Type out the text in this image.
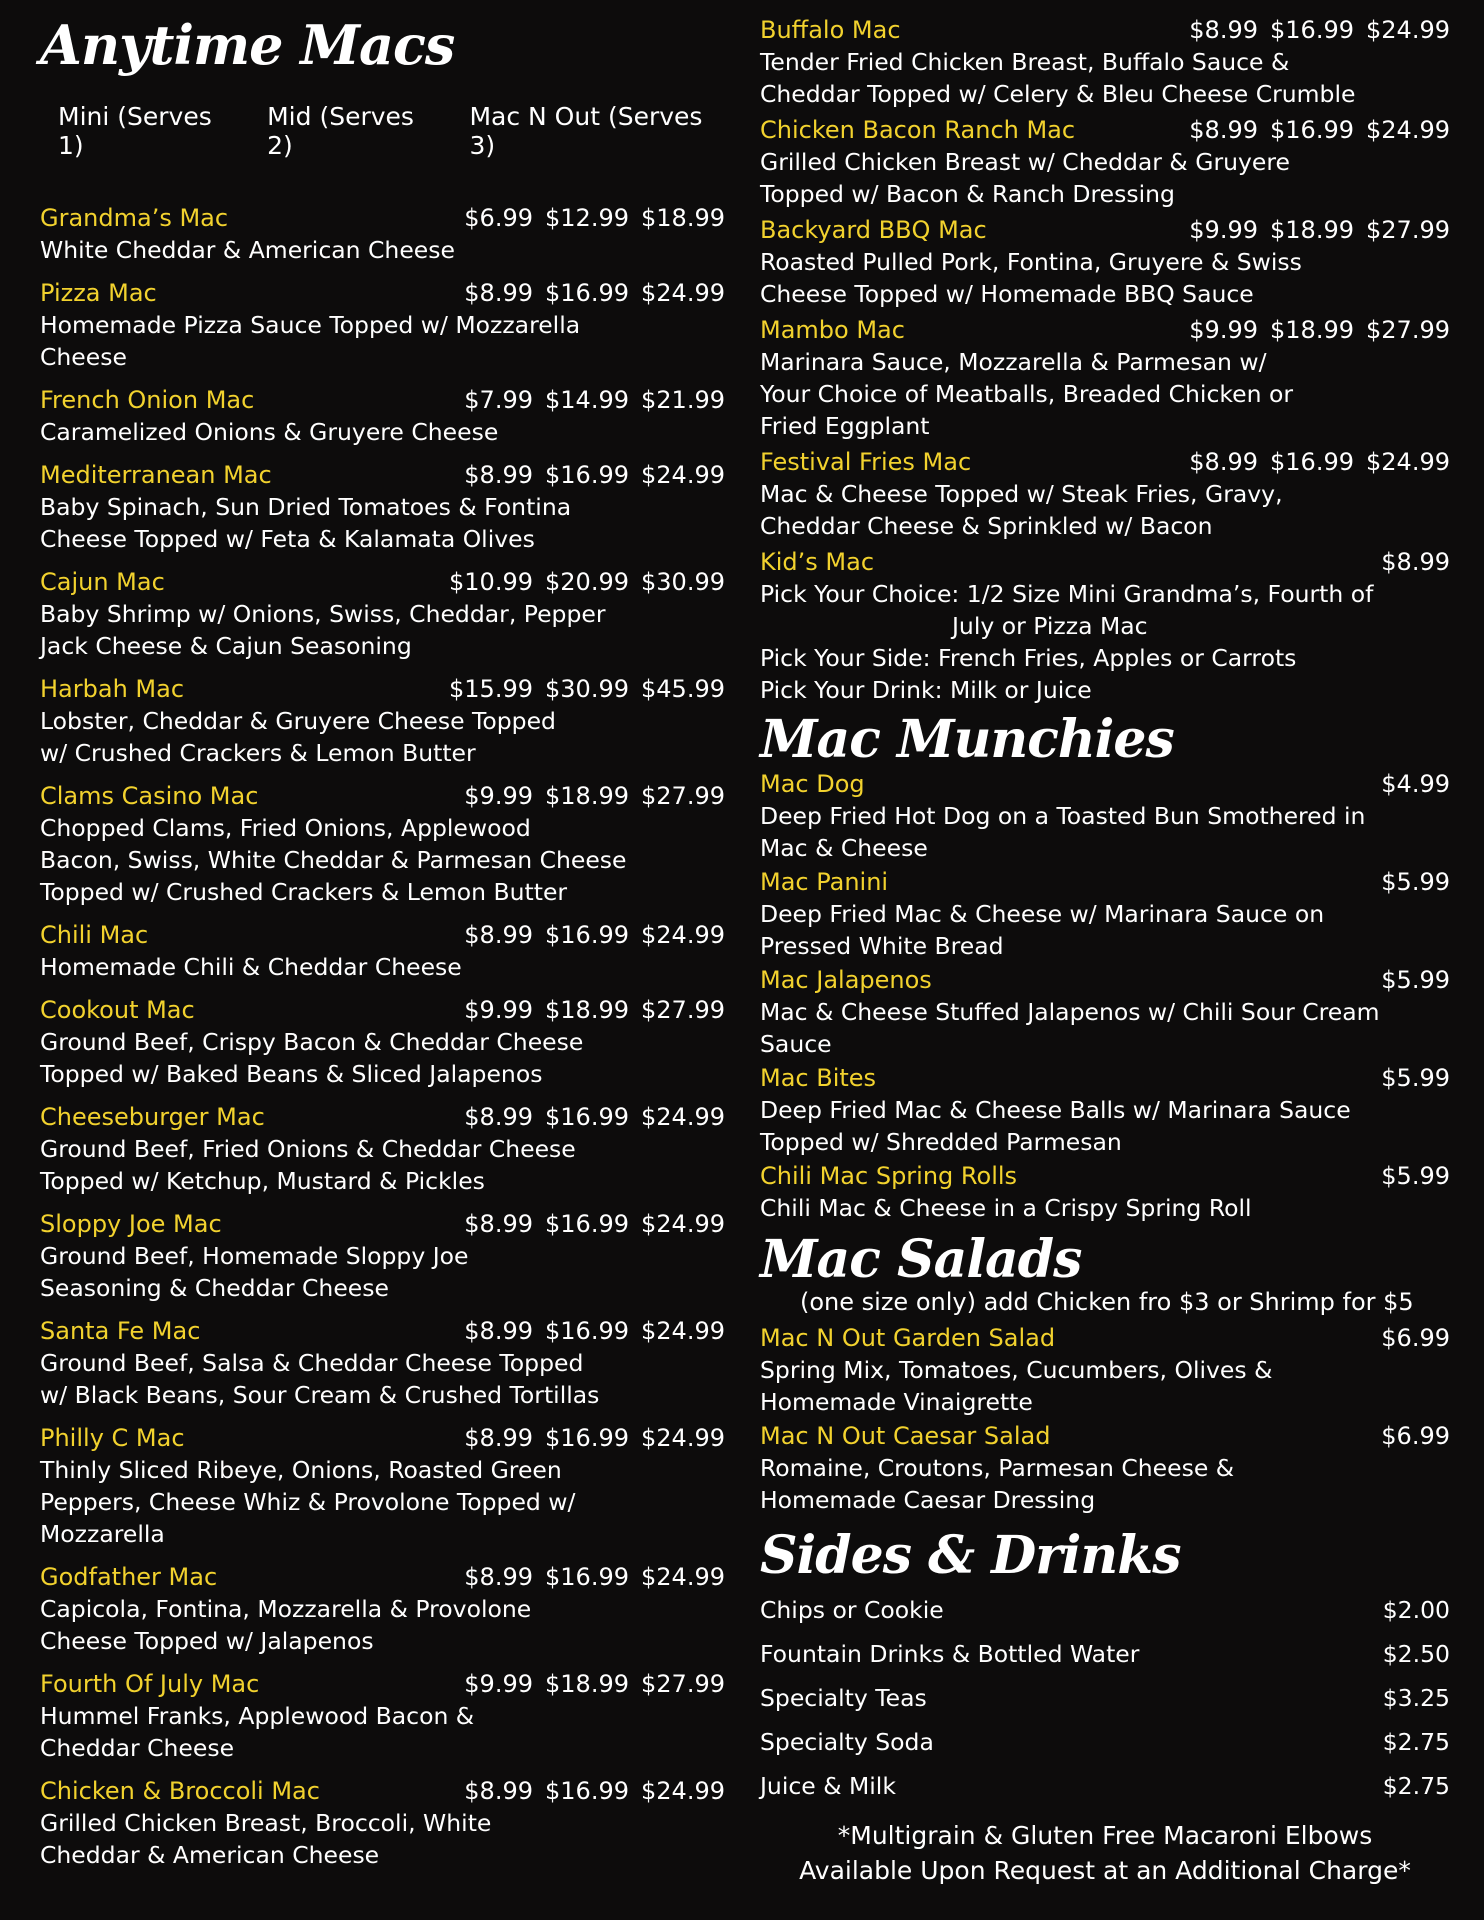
Anytime Macs
Mini (Serves 1)
Mid (Serves 2)
Mac N Out (Serves 3)
Grandma’s Mac	$6.99 $12.99 $18.99
White Cheddar & American Cheese
Pizza Mac	$8.99 $16.99 $24.99
Homemade Pizza Sauce Topped w/ Mozzarella
Cheese
French Onion Mac	$7.99 $14.99 $21.99
Caramelized Onions & Gruyere Cheese
Mediterranean Mac	$8.99 $16.99 $24.99
Baby Spinach, Sun Dried Tomatoes & Fontina
Cheese Topped w/ Feta & Kalamata Olives
Cajun Mac	$10.99 $20.99 $30.99
Baby Shrimp w/ Onions, Swiss, Cheddar, Pepper
Jack Cheese & Cajun Seasoning
Harbah Mac	$15.99 $30.99 $45.99
Lobster, Cheddar & Gruyere Cheese Topped
w/ Crushed Crackers & Lemon Butter
Clams Casino Mac	$9.99 $18.99 $27.99
Chopped Clams, Fried Onions, Applewood
Bacon, Swiss, White Cheddar & Parmesan Cheese
Topped w/ Crushed Crackers & Lemon Butter
Chili Mac	$8.99 $16.99 $24.99
Homemade Chili & Cheddar Cheese
Cookout Mac	$9.99 $18.99 $27.99
Ground Beef, Crispy Bacon & Cheddar Cheese
Topped w/ Baked Beans & Sliced Jalapenos
Cheeseburger Mac	$8.99 $16.99 $24.99
Ground Beef, Fried Onions & Cheddar Cheese
Topped w/ Ketchup, Mustard & Pickles
Sloppy Joe Mac	$8.99 $16.99 $24.99
Ground Beef, Homemade Sloppy Joe
Seasoning & Cheddar Cheese
Santa Fe Mac	$8.99 $16.99 $24.99
Ground Beef, Salsa & Cheddar Cheese Topped
w/ Black Beans, Sour Cream & Crushed Tortillas
Philly C Mac	$8.99 $16.99 $24.99
Thinly Sliced Ribeye, Onions, Roasted Green
Peppers, Cheese Whiz & Provolone Topped w/
Mozzarella
Godfather Mac	$8.99 $16.99 $24.99
Capicola, Fontina, Mozzarella & Provolone
Cheese Topped w/ Jalapenos
Fourth Of July Mac	$9.99 $18.99 $27.99
Hummel Franks, Applewood Bacon &
Cheddar Cheese
Chicken & Broccoli Mac	$8.99 $16.99 $24.99
Grilled Chicken Breast, Broccoli, White
Cheddar & American Cheese
Buffalo Mac	$8.99 $16.99 $24.99
Tender Fried Chicken Breast, Buffalo Sauce &
Cheddar Topped w/ Celery & Bleu Cheese Crumble
Chicken Bacon Ranch Mac	$8.99 $16.99 $24.99
Grilled Chicken Breast w/ Cheddar & Gruyere
Topped w/ Bacon & Ranch Dressing
Backyard BBQ Mac	$9.99 $18.99 $27.99
Roasted Pulled Pork, Fontina, Gruyere & Swiss
Cheese Topped w/ Homemade BBQ Sauce
Mambo Mac	$9.99 $18.99 $27.99
Marinara Sauce, Mozzarella & Parmesan w/
Your Choice of Meatballs, Breaded Chicken or
Fried Eggplant
Festival Fries Mac	$8.99 $16.99 $24.99
Mac & Cheese Topped w/ Steak Fries, Gravy,
Cheddar Cheese & Sprinkled w/ Bacon
Kid’s Mac	$8.99
Pick Your Choice: 1/2 Size Mini Grandma’s, Fourth of
July or Pizza Mac
Pick Your Side: French Fries, Apples or Carrots
Pick Your Drink: Milk or Juice
Mac Munchies
Mac Dog	$4.99
Deep Fried Hot Dog on a Toasted Bun Smothered in
Mac & Cheese
Mac Panini	$5.99
Deep Fried Mac & Cheese w/ Marinara Sauce on
Pressed White Bread
Mac Jalapenos	$5.99
Mac & Cheese Stuffed Jalapenos w/ Chili Sour Cream Sauce
Mac Bites	$5.99
Deep Fried Mac & Cheese Balls w/ Marinara Sauce
Topped w/ Shredded Parmesan
Chili Mac Spring Rolls	$5.99
Chili Mac & Cheese in a Crispy Spring Roll
Mac Salads
(one size only) add Chicken fro $3 or Shrimp for $5
Mac N Out Garden Salad	$6.99
Spring Mix, Tomatoes, Cucumbers, Olives &
Homemade Vinaigrette
Mac N Out Caesar Salad	$6.99
Romaine, Croutons, Parmesan Cheese &
Homemade Caesar Dressing
Sides & Drinks
Chips or Cookie	$2.00
Fountain Drinks & Bottled Water	$2.50
Specialty Teas	$3.25
Specialty Soda	$2.75
Juice & Milk	$2.75
*Multigrain & Gluten Free Macaroni Elbows
Available Upon Request at an Additional Charge*
